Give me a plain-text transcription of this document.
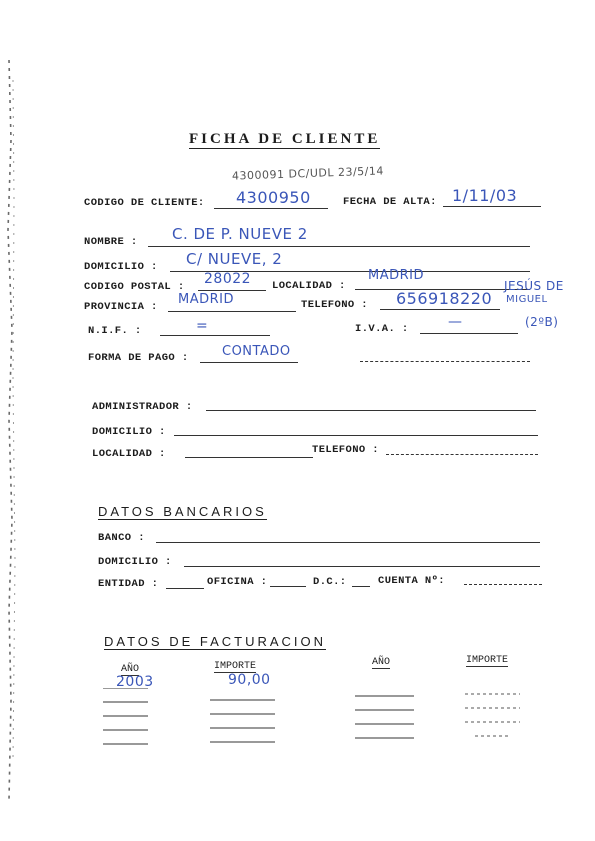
FICHA DE CLIENTE
4300091 DC/UDL 23/5/14
CODIGO DE CLIENTE: 4300950	FECHA DE ALTA: 1/11/03
NOMBRE : C. DE P. NUEVE 2
DOMICILIO : C/ NUEVE, 2
CODIGO POSTAL : 28022 LOCALIDAD :
MADRID
PROVINCIA : MADRID	TELEFONO : 656918220
JESÚS DE
MIGUEL
N.I.F. :	=	I.V.A. :	—	(2ºB)
FORMA DE PAGO :	CONTADO
ADMINISTRADOR :
DOMICILIO :
LOCALIDAD :	TELEFONO :
DATOS BANCARIOS
BANCO :
DOMICILIO :
ENTIDAD :	OFICINA :	D.C.:	CUENTA Nº:
DATOS DE FACTURACION
AÑO	IMPORTE	AÑO	IMPORTE
2003	90,00
